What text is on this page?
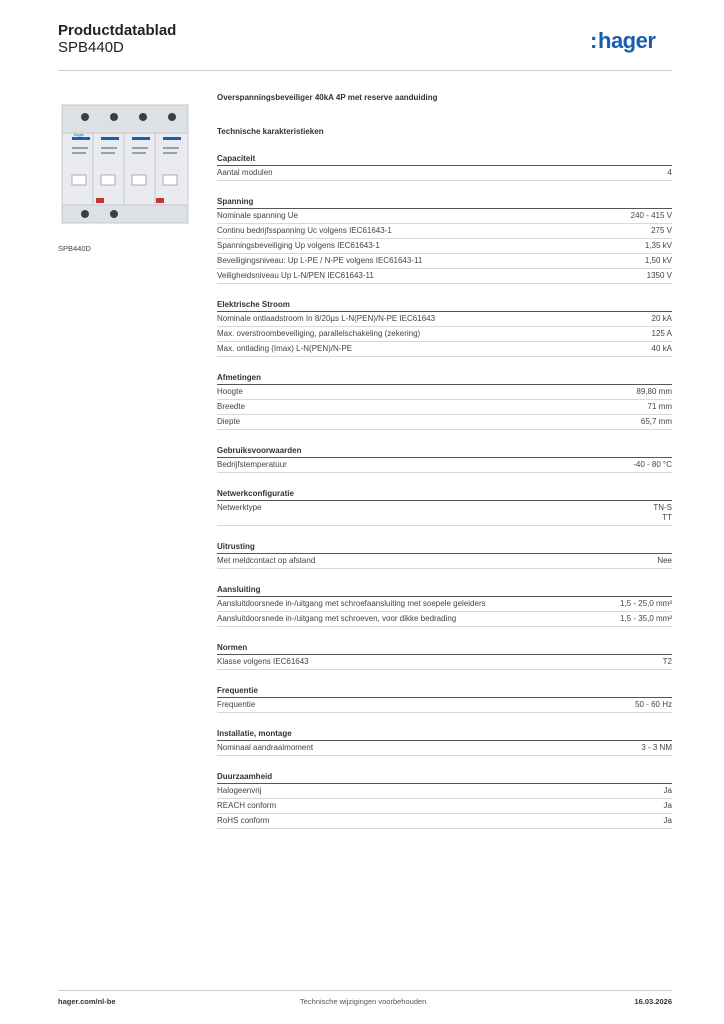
Productdatablad
SPB440D	: hager
hager
SPB440D
Overspanningsbeveiliger 40kA 4P met reserve aanduiding
Technische karakteristieken
Capaciteit
Aantal modulen	4
Spanning
Nominale spanning Ue	240 - 415 V
Continu bedrijfsspanning Uc volgens IEC61643-1	275 V
Spanningsbeveiliging Up volgens IEC61643-1	1,35 kV
Beveiligingsniveau: Up L-PE / N-PE volgens IEC61643-11	1,50 kV
Veiligheidsniveau Up L-N/PEN IEC61643-11	1350 V
Elektrische Stroom
Nominale ontlaadstroom In 8/20µs L-N(PEN)/N-PE IEC61643	20 kA
Max. overstroombeveiliging, parallelschakeling (zekering)	125 A
Max. ontlading (Imax) L-N(PEN)/N-PE	40 kA
Afmetingen
Hoogte	89,80 mm
Breedte	71 mm
Diepte	65,7 mm
Gebruiksvoorwaarden
Bedrijfstemperatuur	-40 - 80 °C
Netwerkconfiguratie
Netwerktype	TN-S
TT
Uitrusting
Met meldcontact op afstand	Nee
Aansluiting
Aansluitdoorsnede in-/uitgang met schroefaansluiting met soepele geleiders	1,5 - 25,0 mm²
Aansluitdoorsnede in-/uitgang met schroeven, voor dikke bedrading	1,5 - 35,0 mm²
Normen
Klasse volgens IEC61643	T2
Frequentie
Frequentie	50 - 60 Hz
Installatie, montage
Nominaal aandraaimoment	3 - 3 NM
Duurzaamheid
Halogeenvrij	Ja
REACH conform	Ja
RoHS conform	Ja
hager.com/nl-be	Technische wijzigingen voorbehouden	16.03.2026
